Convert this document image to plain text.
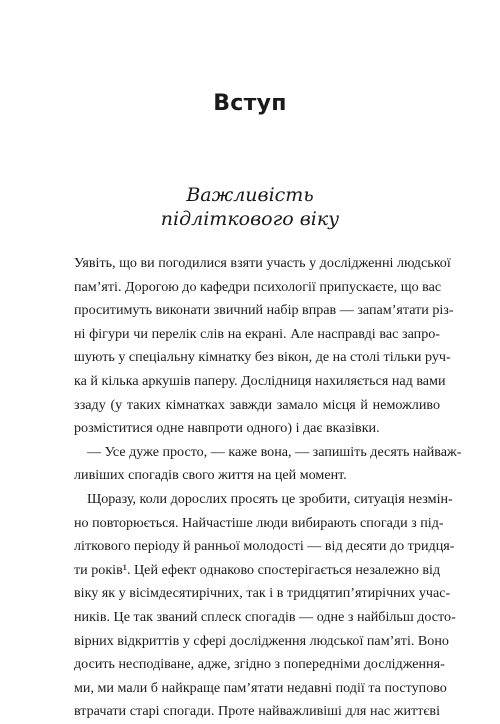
Вступ
Важливість
підліткового віку
Уявіть, що ви погодилися взяти участь у дослідженні людської
пам’яті. Дорогою до кафедри психології припускаєте, що вас
проситимуть виконати звичний набір вправ — запам’ятати різ-
ні фігури чи перелік слів на екрані. Але насправді вас запро-
шують у спеціальну кімнатку без вікон, де на столі тільки руч-
ка й кілька аркушів паперу. Дослідниця нахиляється над вами
ззаду (у таких кімнатках завжди замало місця й неможливо
розміститися одне навпроти одного) і дає вказівки.
— Усе дуже просто, — каже вона, — запишіть десять найваж-
ливіших спогадів свого життя на цей момент.
Щоразу, коли дорослих просять це зробити, ситуація незмін-
но повторюється. Найчастіше люди вибирають спогади з під-
літкового періоду й ранньої молодості — від десяти до тридця-
ти років¹. Цей ефект однаково спостерігається незалежно від
віку як у вісімдесятирічних, так і в тридцятип’ятирічних учас-
ників. Це так званий сплеск спогадів — одне з найбільш досто-
вірних відкриттів у сфері дослідження людської пам’яті. Воно
досить несподіване, адже, згідно з попередніми дослідження-
ми, ми мали б найкраще пам’ятати недавні події та поступово
втрачати старі спогади. Проте найважливіші для нас життєві
